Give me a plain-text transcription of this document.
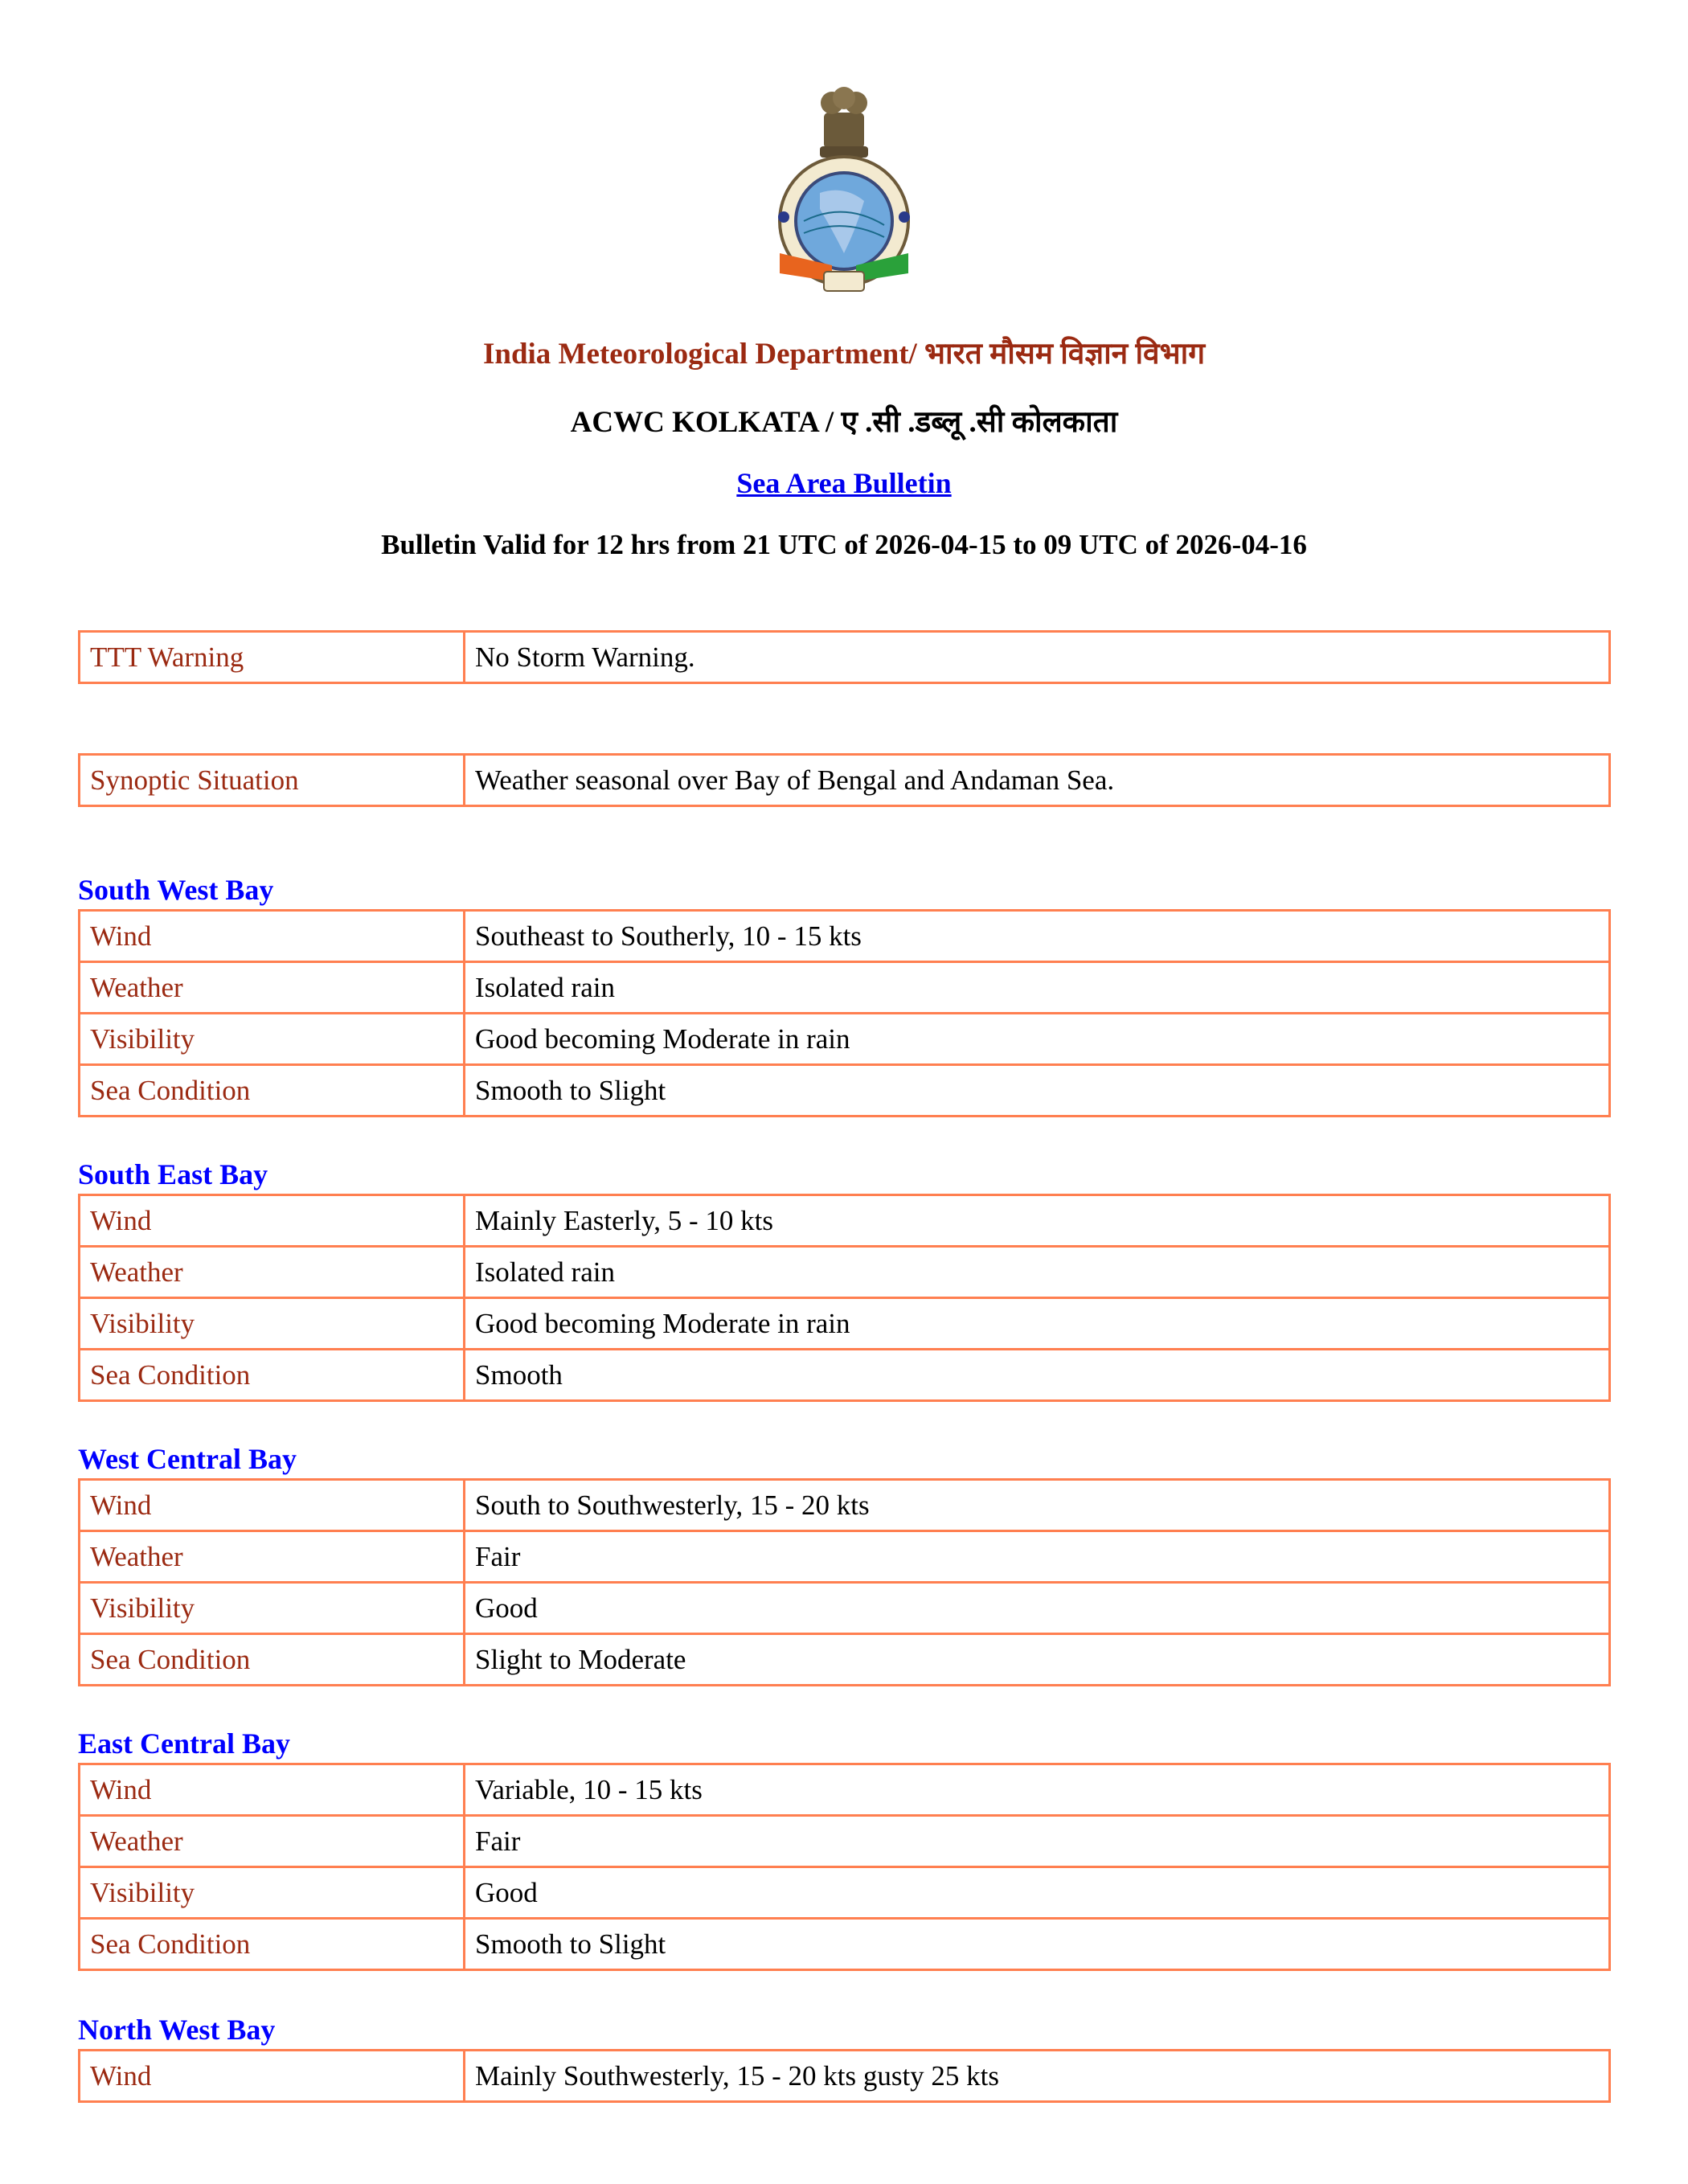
India Meteorological Department/ भारत मौसम विज्ञान विभाग
ACWC KOLKATA / ए .सी .डब्लू .सी कोलकाता
Sea Area Bulletin
Bulletin Valid for 12 hrs from 21 UTC of 2026-04-15 to 09 UTC of 2026-04-16
TTT Warning	No Storm Warning.
Synoptic Situation	Weather seasonal over Bay of Bengal and Andaman Sea.
South West Bay
Wind	Southeast to Southerly, 10 - 15 kts
Weather	Isolated rain
Visibility	Good becoming Moderate in rain
Sea Condition	Smooth to Slight
South East Bay
Wind	Mainly Easterly, 5 - 10 kts
Weather	Isolated rain
Visibility	Good becoming Moderate in rain
Sea Condition	Smooth
West Central Bay
Wind	South to Southwesterly, 15 - 20 kts
Weather	Fair
Visibility	Good
Sea Condition	Slight to Moderate
East Central Bay
Wind	Variable, 10 - 15 kts
Weather	Fair
Visibility	Good
Sea Condition	Smooth to Slight
North West Bay
Wind	Mainly Southwesterly, 15 - 20 kts gusty 25 kts
